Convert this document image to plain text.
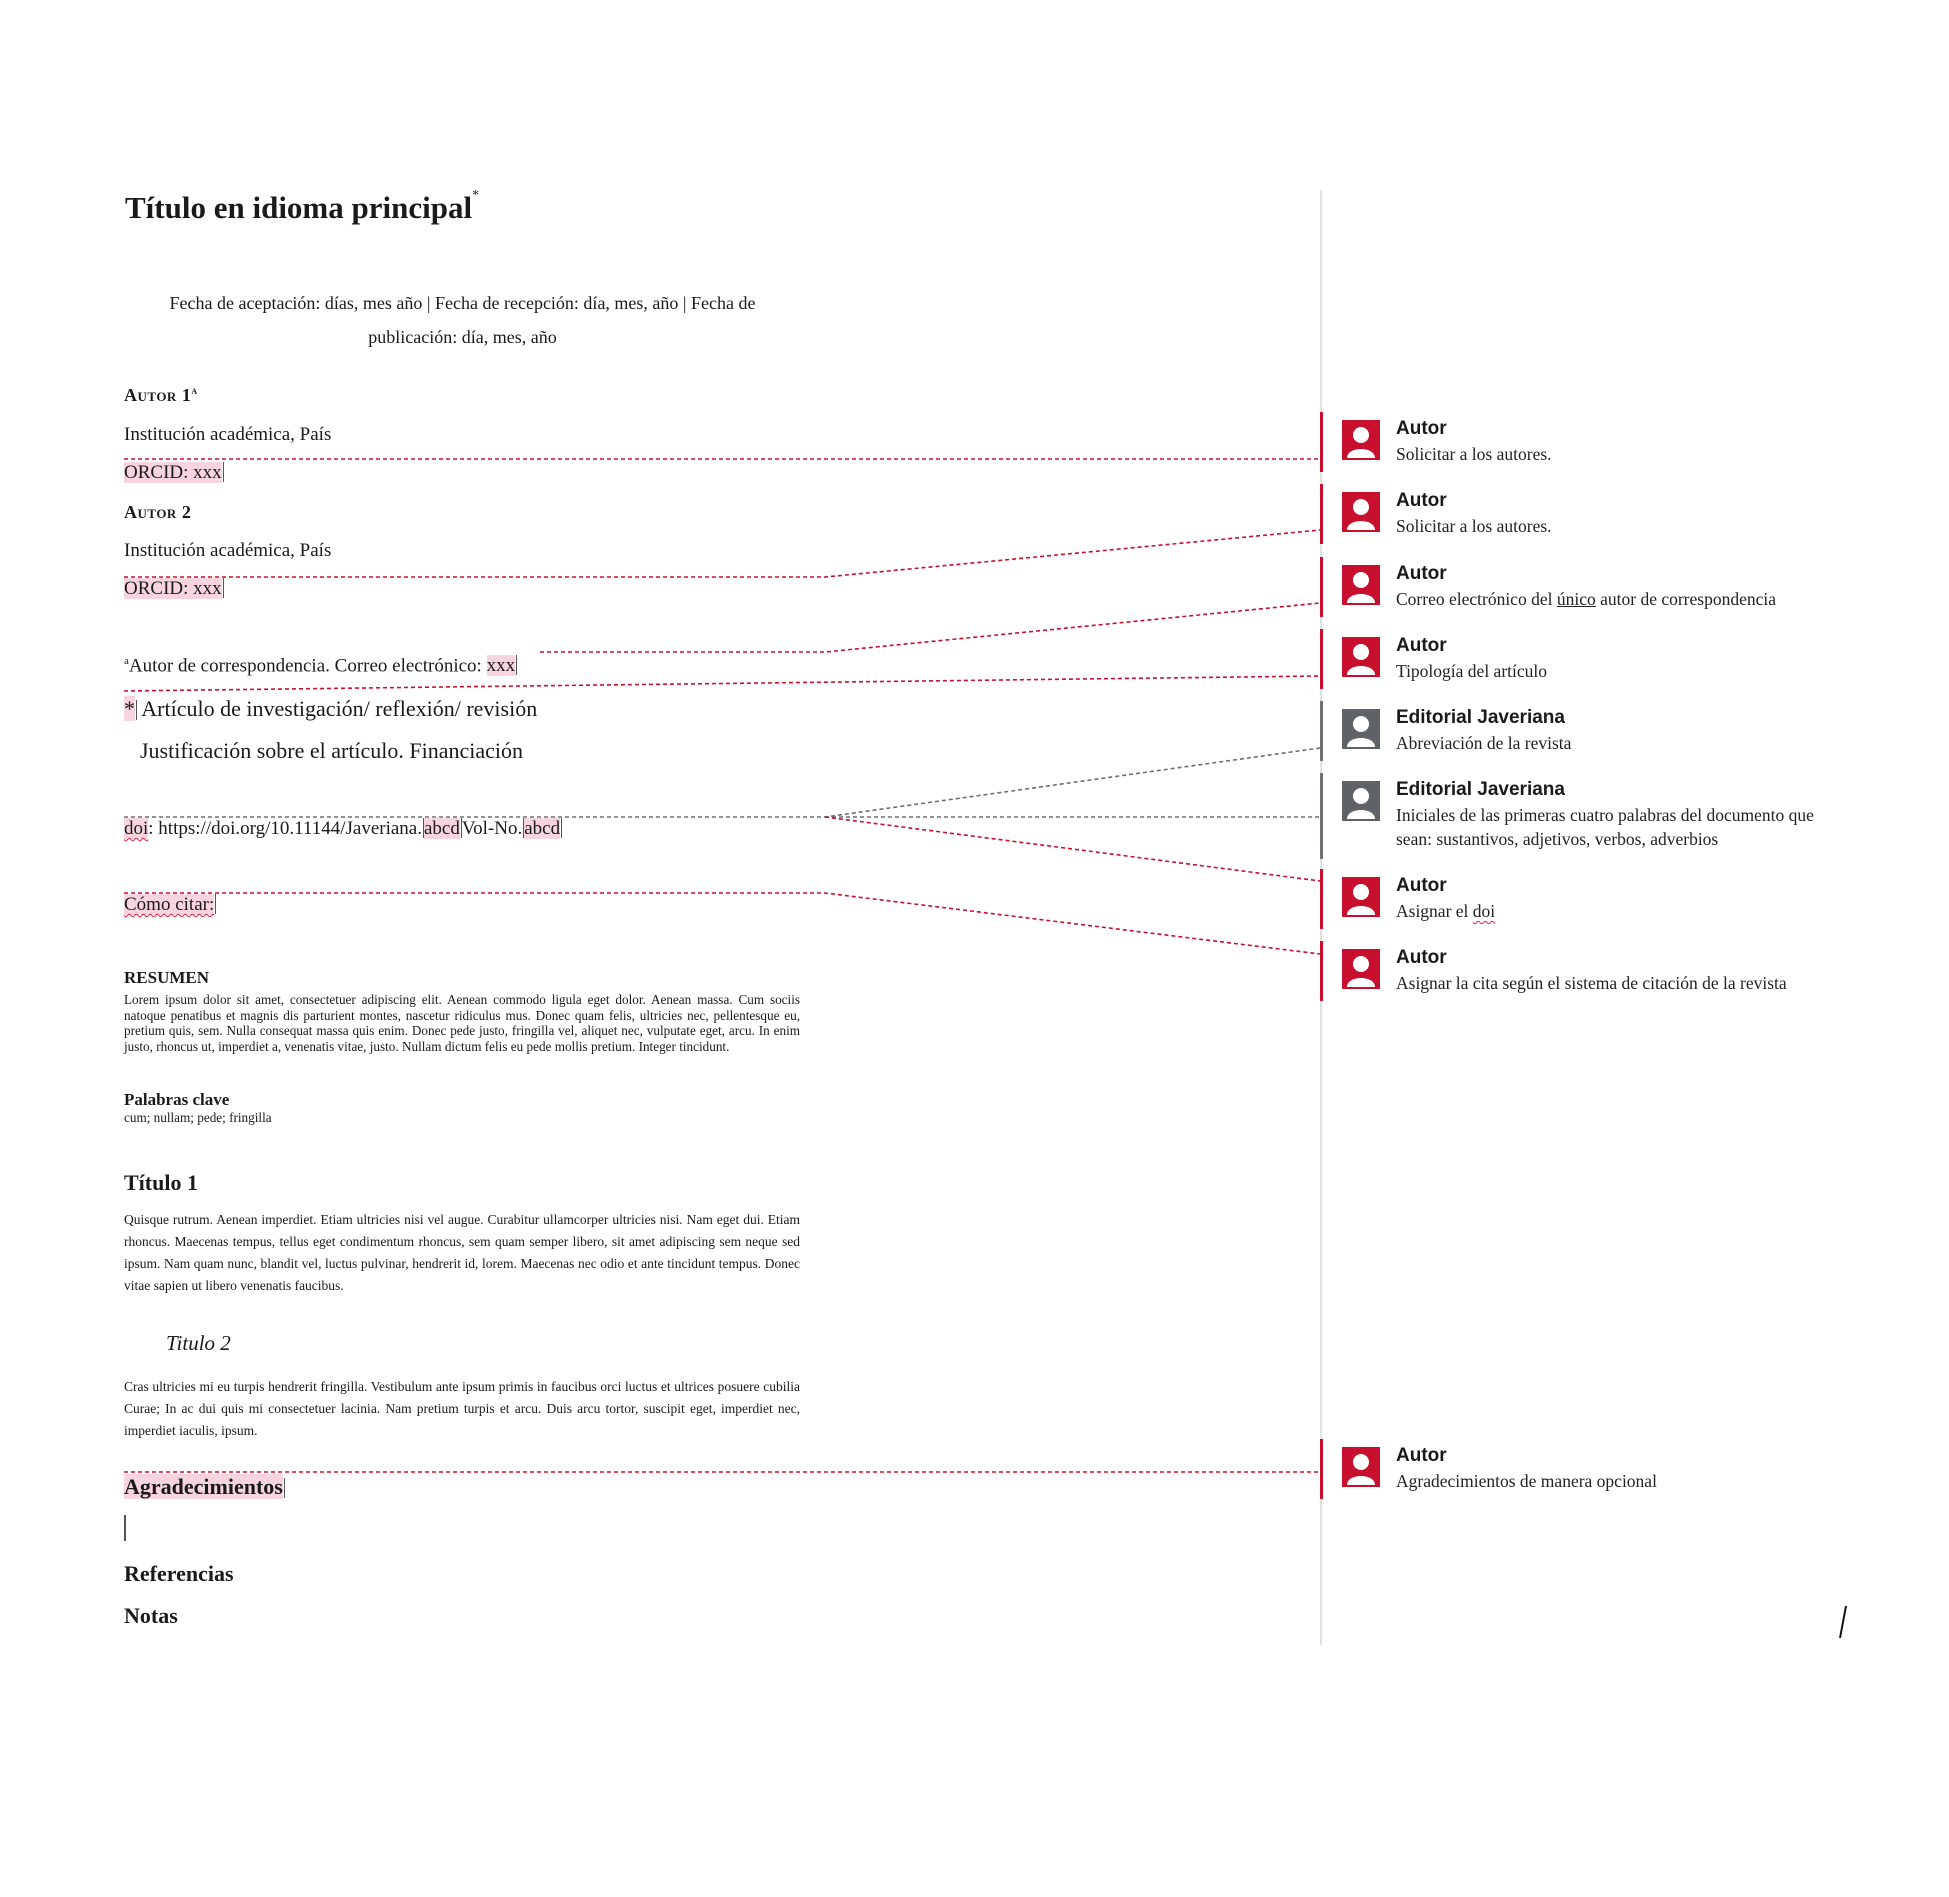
Título en idioma principal*
Fecha de aceptación: días, mes año | Fecha de recepción: día, mes, año | Fecha de
publicación: día, mes, año
Autor 1$^a$
Institución académica, País
ORCID: xxx
Autor 2
Institución académica, País
ORCID: xxx
$^a$Autor de correspondencia. Correo electrónico: xxx
* Artículo de investigación/ reflexión/ revisión
Justificación sobre el artículo. Financiación
doi: https://doi.org/10.11144/Javeriana. abcd Vol-No. abcd
Cómo citar:
RESUMEN
Lorem ipsum dolor sit amet, consectetuer adipiscing elit. Aenean commodo ligula eget dolor. Aenean massa. Cum sociis natoque penatibus et magnis dis parturient montes, nascetur ridiculus mus. Donec quam felis, ultricies nec, pellentesque eu, pretium quis, sem. Nulla consequat massa quis enim. Donec pede justo, fringilla vel, aliquet nec, vulputate eget, arcu. In enim justo, rhoncus ut, imperdiet a, venenatis vitae, justo. Nullam dictum felis eu pede mollis pretium. Integer tincidunt.
Palabras clave
cum; nullam; pede; fringilla
Título 1
Quisque rutrum. Aenean imperdiet. Etiam ultricies nisi vel augue. Curabitur ullamcorper ultricies nisi. Nam eget dui. Etiam rhoncus. Maecenas tempus, tellus eget condimentum rhoncus, sem quam semper libero, sit amet adipiscing sem neque sed ipsum. Nam quam nunc, blandit vel, luctus pulvinar, hendrerit id, lorem. Maecenas nec odio et ante tincidunt tempus. Donec vitae sapien ut libero venenatis faucibus.
Titulo 2
Cras ultricies mi eu turpis hendrerit fringilla. Vestibulum ante ipsum primis in faucibus orci luctus et ultrices posuere cubilia Curae; In ac dui quis mi consectetuer lacinia. Nam pretium turpis et arcu. Duis arcu tortor, suscipit eget, imperdiet nec, imperdiet iaculis, ipsum.
Agradecimientos
Referencias
Notas
Autor
Solicitar a los autores.
Autor
Solicitar a los autores.
Autor
Correo electrónico del único autor de correspondencia
Autor
Tipología del artículo
Editorial Javeriana
Abreviación de la revista
Editorial Javeriana
Iniciales de las primeras cuatro palabras del documento que sean: sustantivos, adjetivos, verbos, adverbios
Autor
Asignar el doi
Autor
Asignar la cita según el sistema de citación de la revista
Autor
Agradecimientos de manera opcional
